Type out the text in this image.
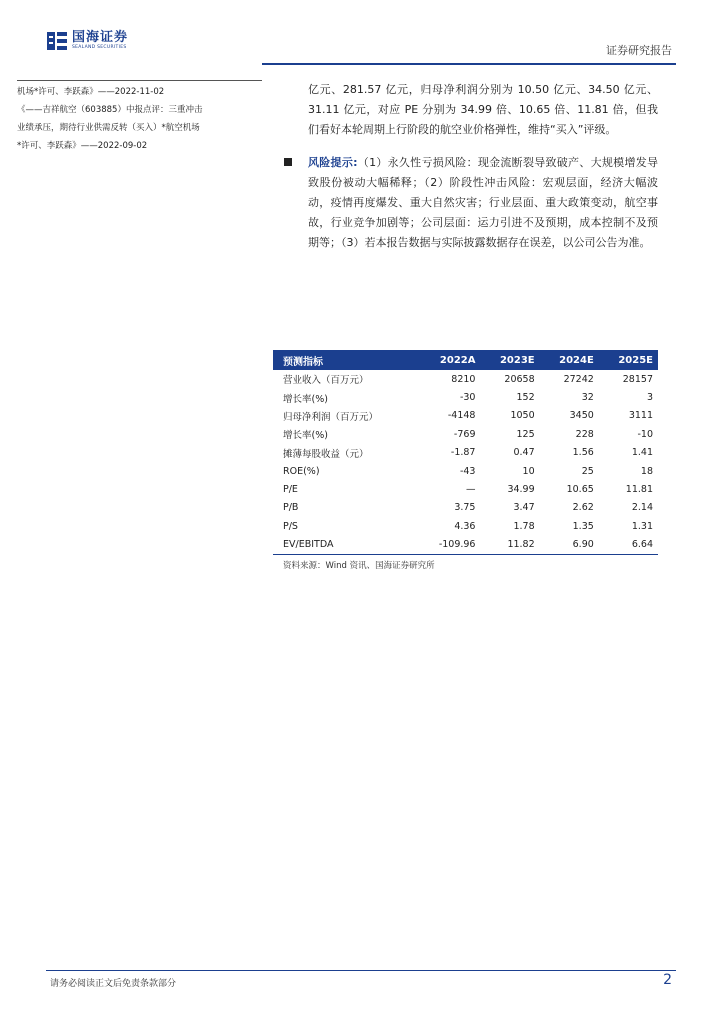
国海证券
SEALAND SECURITIES	证券研究报告

机场*许可、李跃森》——2022-11-02

《——吉祥航空（603885）中报点评：三重冲击

业绩承压，期待行业供需反转（买入）*航空机场

*许可、李跃森》——2022-09-02

亿元、281.57 亿元，归母净利润分别为 10.50 亿元、34.50 亿元、31.11 亿元，对应 PE 分别为 34.99 倍、10.65 倍、11.81 倍，但我们看好本轮周期上行阶段的航空业价格弹性，维持“买入”评级。

风险提示:（1）永久性亏损风险：现金流断裂导致破产、大规模增发导致股份被动大幅稀释；（2）阶段性冲击风险：宏观层面，经济大幅波动，疫情再度爆发、重大自然灾害；行业层面、重大政策变动，航空事故，行业竞争加剧等；公司层面：运力引进不及预期，成本控制不及预期等；（3）若本报告数据与实际披露数据存在误差，以公司公告为准。
预测指标	2022A	2023E	2024E	2025E
营业收入（百万元）	8210	20658	27242	28157
增长率(%)	-30	152	32	3
归母净利润（百万元）	-4148	1050	3450	3111
增长率(%)	-769	125	228	-10
摊薄每股收益（元）	-1.87	0.47	1.56	1.41
ROE(%)	-43	10	25	18
P/E	—	34.99	10.65	11.81
P/B	3.75	3.47	2.62	2.14
P/S	4.36	1.78	1.35	1.31
EV/EBITDA	-109.96	11.82	6.90	6.64
资料来源：Wind 资讯、国海证券研究所
请务必阅读正文后免责条款部分	2
